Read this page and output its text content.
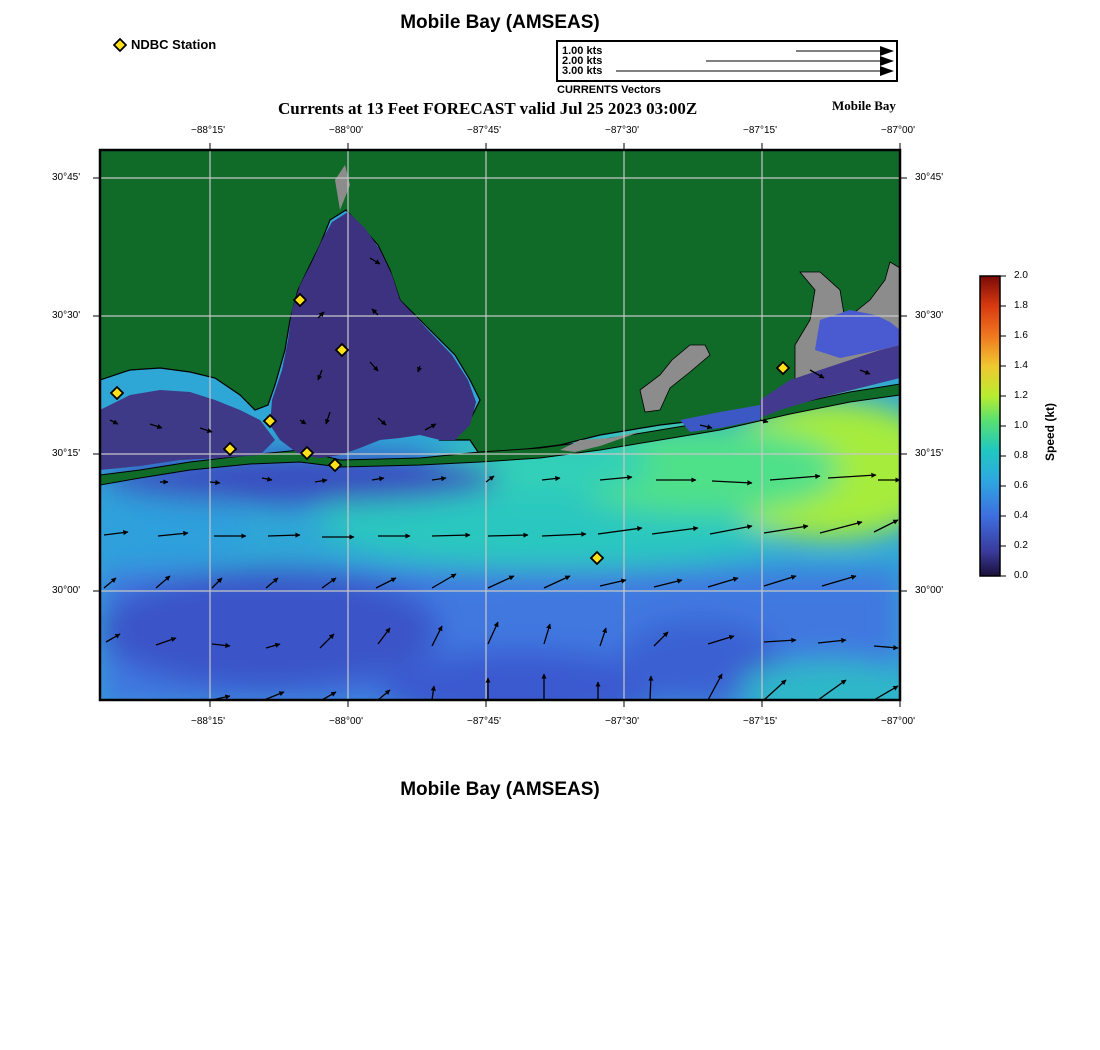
Mobile Bay (AMSEAS)
NDBC Station	1.00 kts
2.00 kts
3.00 kts
CURRENTS Vectors
Currents at 13 Feet FORECAST valid Jul 25 2023 03:00Z	Mobile Bay
−88°15'	−88°00'	−87°45'	−87°30'	−87°15'	−87°00'
−88°15'	−88°00'	−87°45'	−87°30'	−87°15'	−87°00'
30°45'
30°30'
30°15'
30°00'
30°45'
30°30'
30°15'
30°00'
2.0
1.8
1.6
1.4
1.2
1.0
0.8
0.6
0.4
0.2
0.0
Speed (kt)
Mobile Bay (AMSEAS)
